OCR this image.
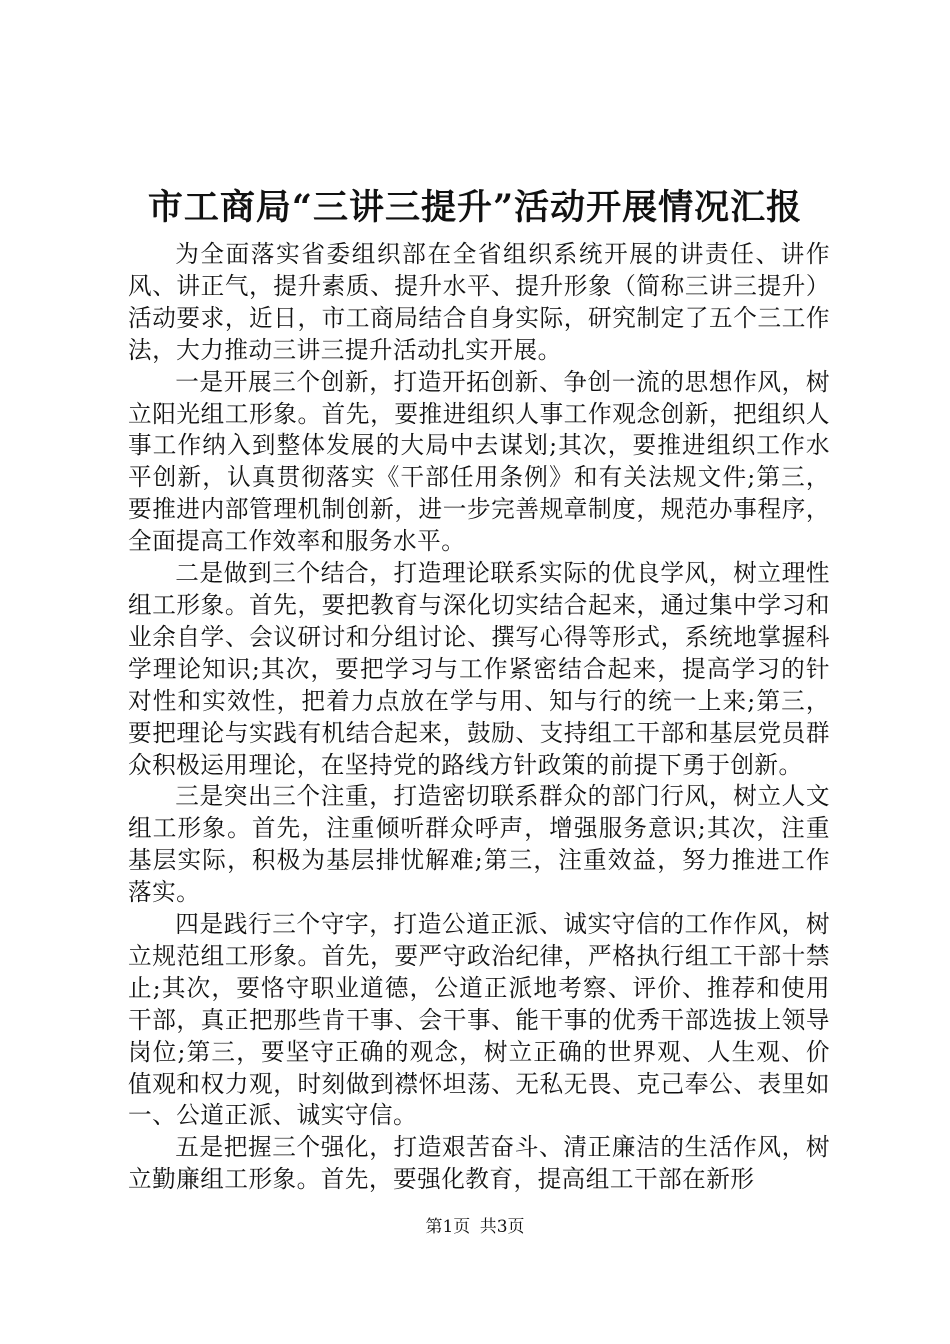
市工商局“三讲三提升”活动开展情况汇报

为全面落实省委组织部在全省组织系统开展的讲责任、讲作风、讲正气，提升素质、提升水平、提升形象（简称三讲三提升）活动要求，近日，市工商局结合自身实际，研究制定了五个三工作法，大力推动三讲三提升活动扎实开展。

一是开展三个创新，打造开拓创新、争创一流的思想作风，树立阳光组工形象。首先，要推进组织人事工作观念创新，把组织人事工作纳入到整体发展的大局中去谋划;其次，要推进组织工作水平创新，认真贯彻落实《干部任用条例》和有关法规文件;第三，要推进内部管理机制创新，进一步完善规章制度，规范办事程序，全面提高工作效率和服务水平。

二是做到三个结合，打造理论联系实际的优良学风，树立理性组工形象。首先，要把教育与深化切实结合起来，通过集中学习和业余自学、会议研讨和分组讨论、撰写心得等形式，系统地掌握科学理论知识;其次，要把学习与工作紧密结合起来，提高学习的针对性和实效性，把着力点放在学与用、知与行的统一上来;第三，要把理论与实践有机结合起来，鼓励、支持组工干部和基层党员群众积极运用理论，在坚持党的路线方针政策的前提下勇于创新。

三是突出三个注重，打造密切联系群众的部门行风，树立人文组工形象。首先，注重倾听群众呼声，增强服务意识;其次，注重基层实际，积极为基层排忧解难;第三，注重效益，努力推进工作落实。

四是践行三个守字，打造公道正派、诚实守信的工作作风，树立规范组工形象。首先，要严守政治纪律，严格执行组工干部十禁止;其次，要恪守职业道德，公道正派地考察、评价、推荐和使用干部，真正把那些肯干事、会干事、能干事的优秀干部选拔上领导岗位;第三，要坚守正确的观念，树立正确的世界观、人生观、价值观和权力观，时刻做到襟怀坦荡、无私无畏、克己奉公、表里如一、公道正派、诚实守信。

五是把握三个强化，打造艰苦奋斗、清正廉洁的生活作风，树立勤廉组工形象。首先，要强化教育，提高组工干部在新形

第1页 共3页
